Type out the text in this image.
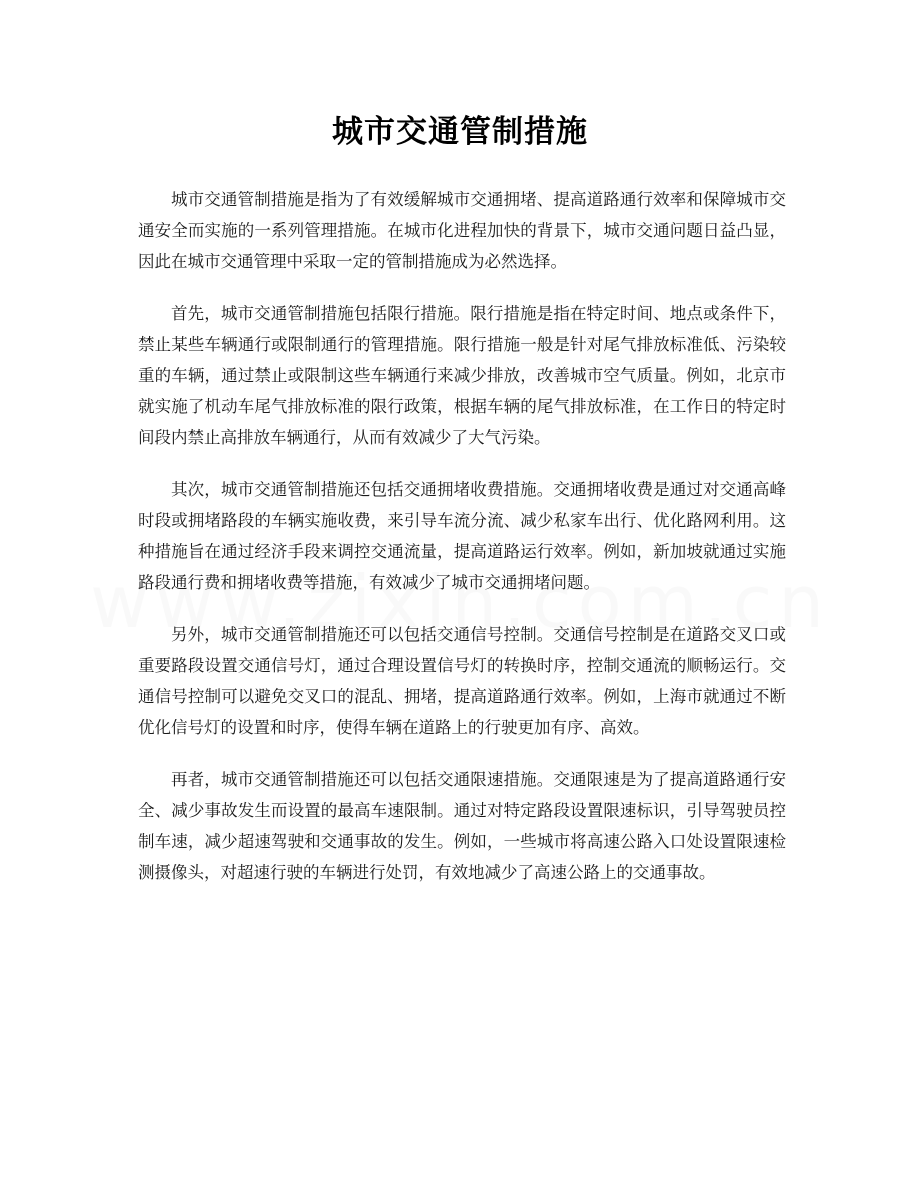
城市交通管制措施

城市交通管制措施是指为了有效缓解城市交通拥堵、提高道路通行效率和保障城市交通安全而实施的一系列管理措施。在城市化进程加快的背景下，城市交通问题日益凸显，因此在城市交通管理中采取一定的管制措施成为必然选择。

首先，城市交通管制措施包括限行措施。限行措施是指在特定时间、地点或条件下，禁止某些车辆通行或限制通行的管理措施。限行措施一般是针对尾气排放标准低、污染较重的车辆，通过禁止或限制这些车辆通行来减少排放，改善城市空气质量。例如，北京市就实施了机动车尾气排放标准的限行政策，根据车辆的尾气排放标准，在工作日的特定时间段内禁止高排放车辆通行，从而有效减少了大气污染。

其次，城市交通管制措施还包括交通拥堵收费措施。交通拥堵收费是通过对交通高峰时段或拥堵路段的车辆实施收费，来引导车流分流、减少私家车出行、优化路网利用。这种措施旨在通过经济手段来调控交通流量，提高道路运行效率。例如，新加坡就通过实施路段通行费和拥堵收费等措施，有效减少了城市交通拥堵问题。

另外，城市交通管制措施还可以包括交通信号控制。交通信号控制是在道路交叉口或重要路段设置交通信号灯，通过合理设置信号灯的转换时序，控制交通流的顺畅运行。交通信号控制可以避免交叉口的混乱、拥堵，提高道路通行效率。例如，上海市就通过不断优化信号灯的设置和时序，使得车辆在道路上的行驶更加有序、高效。

再者，城市交通管制措施还可以包括交通限速措施。交通限速是为了提高道路通行安全、减少事故发生而设置的最高车速限制。通过对特定路段设置限速标识，引导驾驶员控制车速，减少超速驾驶和交通事故的发生。例如，一些城市将高速公路入口处设置限速检测摄像头，对超速行驶的车辆进行处罚，有效地减少了高速公路上的交通事故。
